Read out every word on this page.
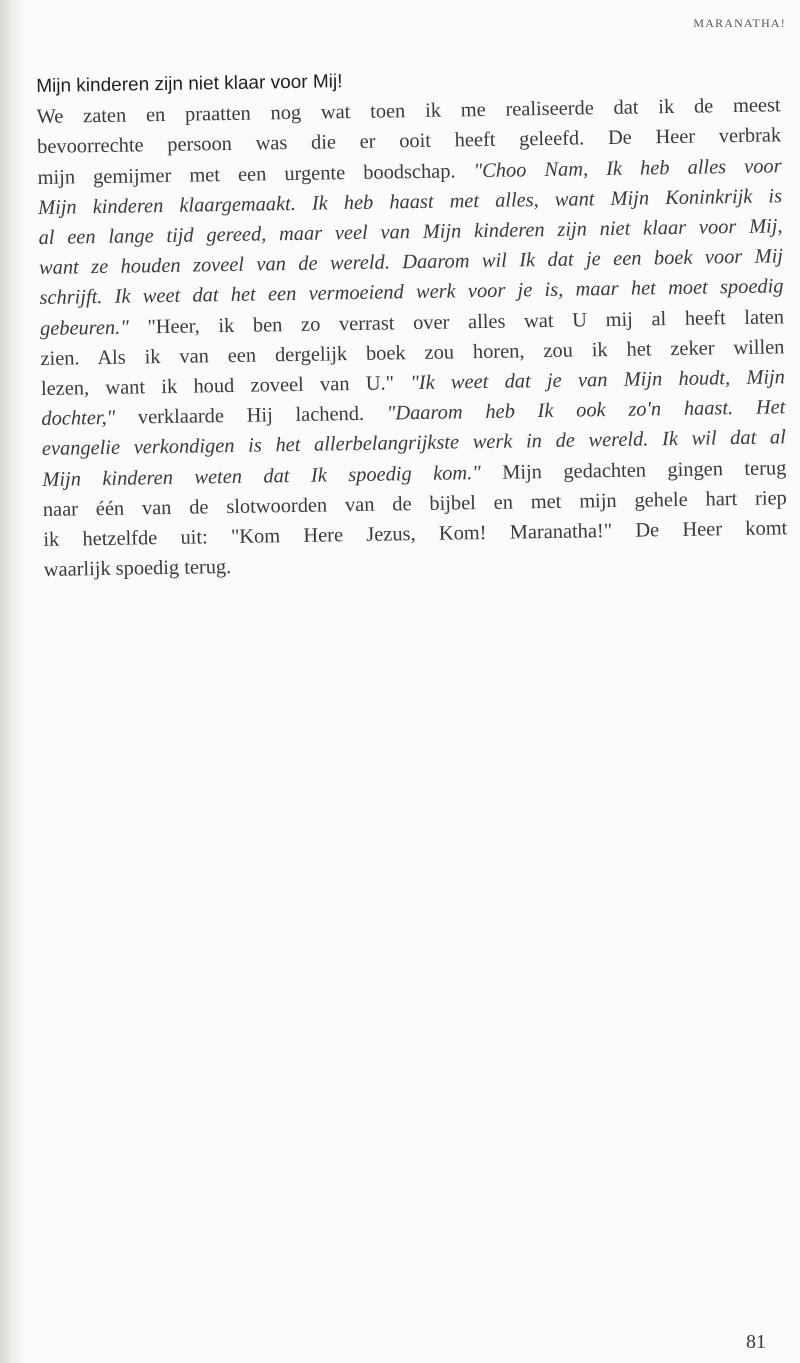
MARANATHA!

Mijn kinderen zijn niet klaar voor Mij!

We zaten en praatten nog wat toen ik me realiseerde dat ik de meest
bevoorrechte persoon was die er ooit heeft geleefd. De Heer verbrak
mijn gemijmer met een urgente boodschap. "Choo Nam, Ik heb alles voor
Mijn kinderen klaargemaakt. Ik heb haast met alles, want Mijn Koninkrijk is
al een lange tijd gereed, maar veel van Mijn kinderen zijn niet klaar voor Mij,
want ze houden zoveel van de wereld. Daarom wil Ik dat je een boek voor Mij
schrijft. Ik weet dat het een vermoeiend werk voor je is, maar het moet spoedig
gebeuren." "Heer, ik ben zo verrast over alles wat U mij al heeft laten
zien. Als ik van een dergelijk boek zou horen, zou ik het zeker willen
lezen, want ik houd zoveel van U." "Ik weet dat je van Mijn houdt, Mijn
dochter," verklaarde Hij lachend. "Daarom heb Ik ook zo'n haast. Het
evangelie verkondigen is het allerbelangrijkste werk in de wereld. Ik wil dat al
Mijn kinderen weten dat Ik spoedig kom." Mijn gedachten gingen terug
naar één van de slotwoorden van de bijbel en met mijn gehele hart riep
ik hetzelfde uit: "Kom Here Jezus, Kom! Maranatha!" De Heer komt
waarlijk spoedig terug.
81
